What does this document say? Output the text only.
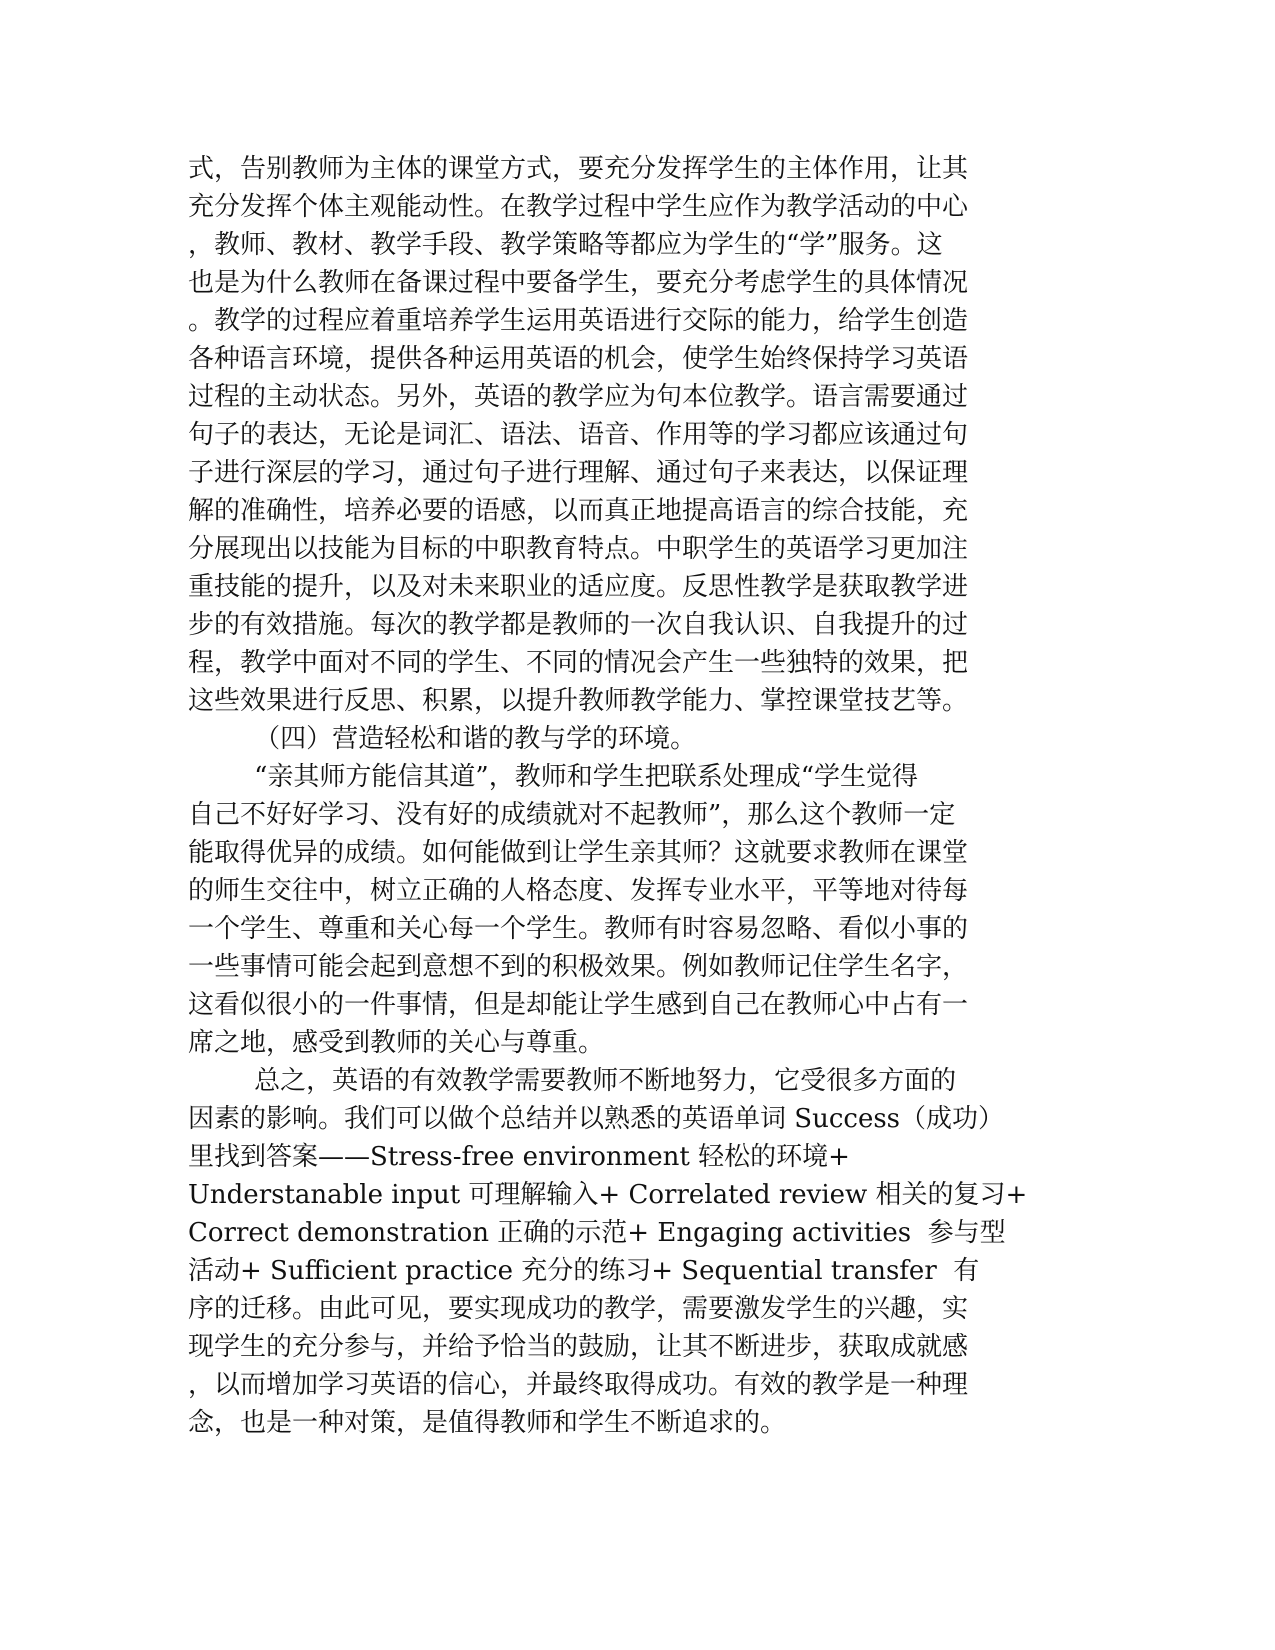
式，告别教师为主体的课堂方式，要充分发挥学生的主体作用，让其
充分发挥个体主观能动性。在教学过程中学生应作为教学活动的中心
，教师、教材、教学手段、教学策略等都应为学生的“学”服务。这
也是为什么教师在备课过程中要备学生，要充分考虑学生的具体情况
。教学的过程应着重培养学生运用英语进行交际的能力，给学生创造
各种语言环境，提供各种运用英语的机会，使学生始终保持学习英语
过程的主动状态。另外，英语的教学应为句本位教学。语言需要通过
句子的表达，无论是词汇、语法、语音、作用等的学习都应该通过句
子进行深层的学习，通过句子进行理解、通过句子来表达，以保证理
解的准确性，培养必要的语感，以而真正地提高语言的综合技能，充
分展现出以技能为目标的中职教育特点。中职学生的英语学习更加注
重技能的提升，以及对未来职业的适应度。反思性教学是获取教学进
步的有效措施。每次的教学都是教师的一次自我认识、自我提升的过
程，教学中面对不同的学生、不同的情况会产生一些独特的效果，把
这些效果进行反思、积累，以提升教师教学能力、掌控课堂技艺等。
（四）营造轻松和谐的教与学的环境。
“亲其师方能信其道”，教师和学生把联系处理成“学生觉得
自己不好好学习、没有好的成绩就对不起教师”，那么这个教师一定
能取得优异的成绩。如何能做到让学生亲其师？这就要求教师在课堂
的师生交往中，树立正确的人格态度、发挥专业水平，平等地对待每
一个学生、尊重和关心每一个学生。教师有时容易忽略、看似小事的
一些事情可能会起到意想不到的积极效果。例如教师记住学生名字，
这看似很小的一件事情，但是却能让学生感到自己在教师心中占有一
席之地，感受到教师的关心与尊重。
总之，英语的有效教学需要教师不断地努力，它受很多方面的
因素的影响。我们可以做个总结并以熟悉的英语单词 Success（成功）
里找到答案——Stress-free environment 轻松的环境+
Understanable input 可理解输入+ Correlated review 相关的复习+
Correct demonstration 正确的示范+ Engaging activities  参与型
活动+ Sufficient practice 充分的练习+ Sequential transfer  有
序的迁移。由此可见，要实现成功的教学，需要激发学生的兴趣，实
现学生的充分参与，并给予恰当的鼓励，让其不断进步，获取成就感
，以而增加学习英语的信心，并最终取得成功。有效的教学是一种理
念，也是一种对策，是值得教师和学生不断追求的。
